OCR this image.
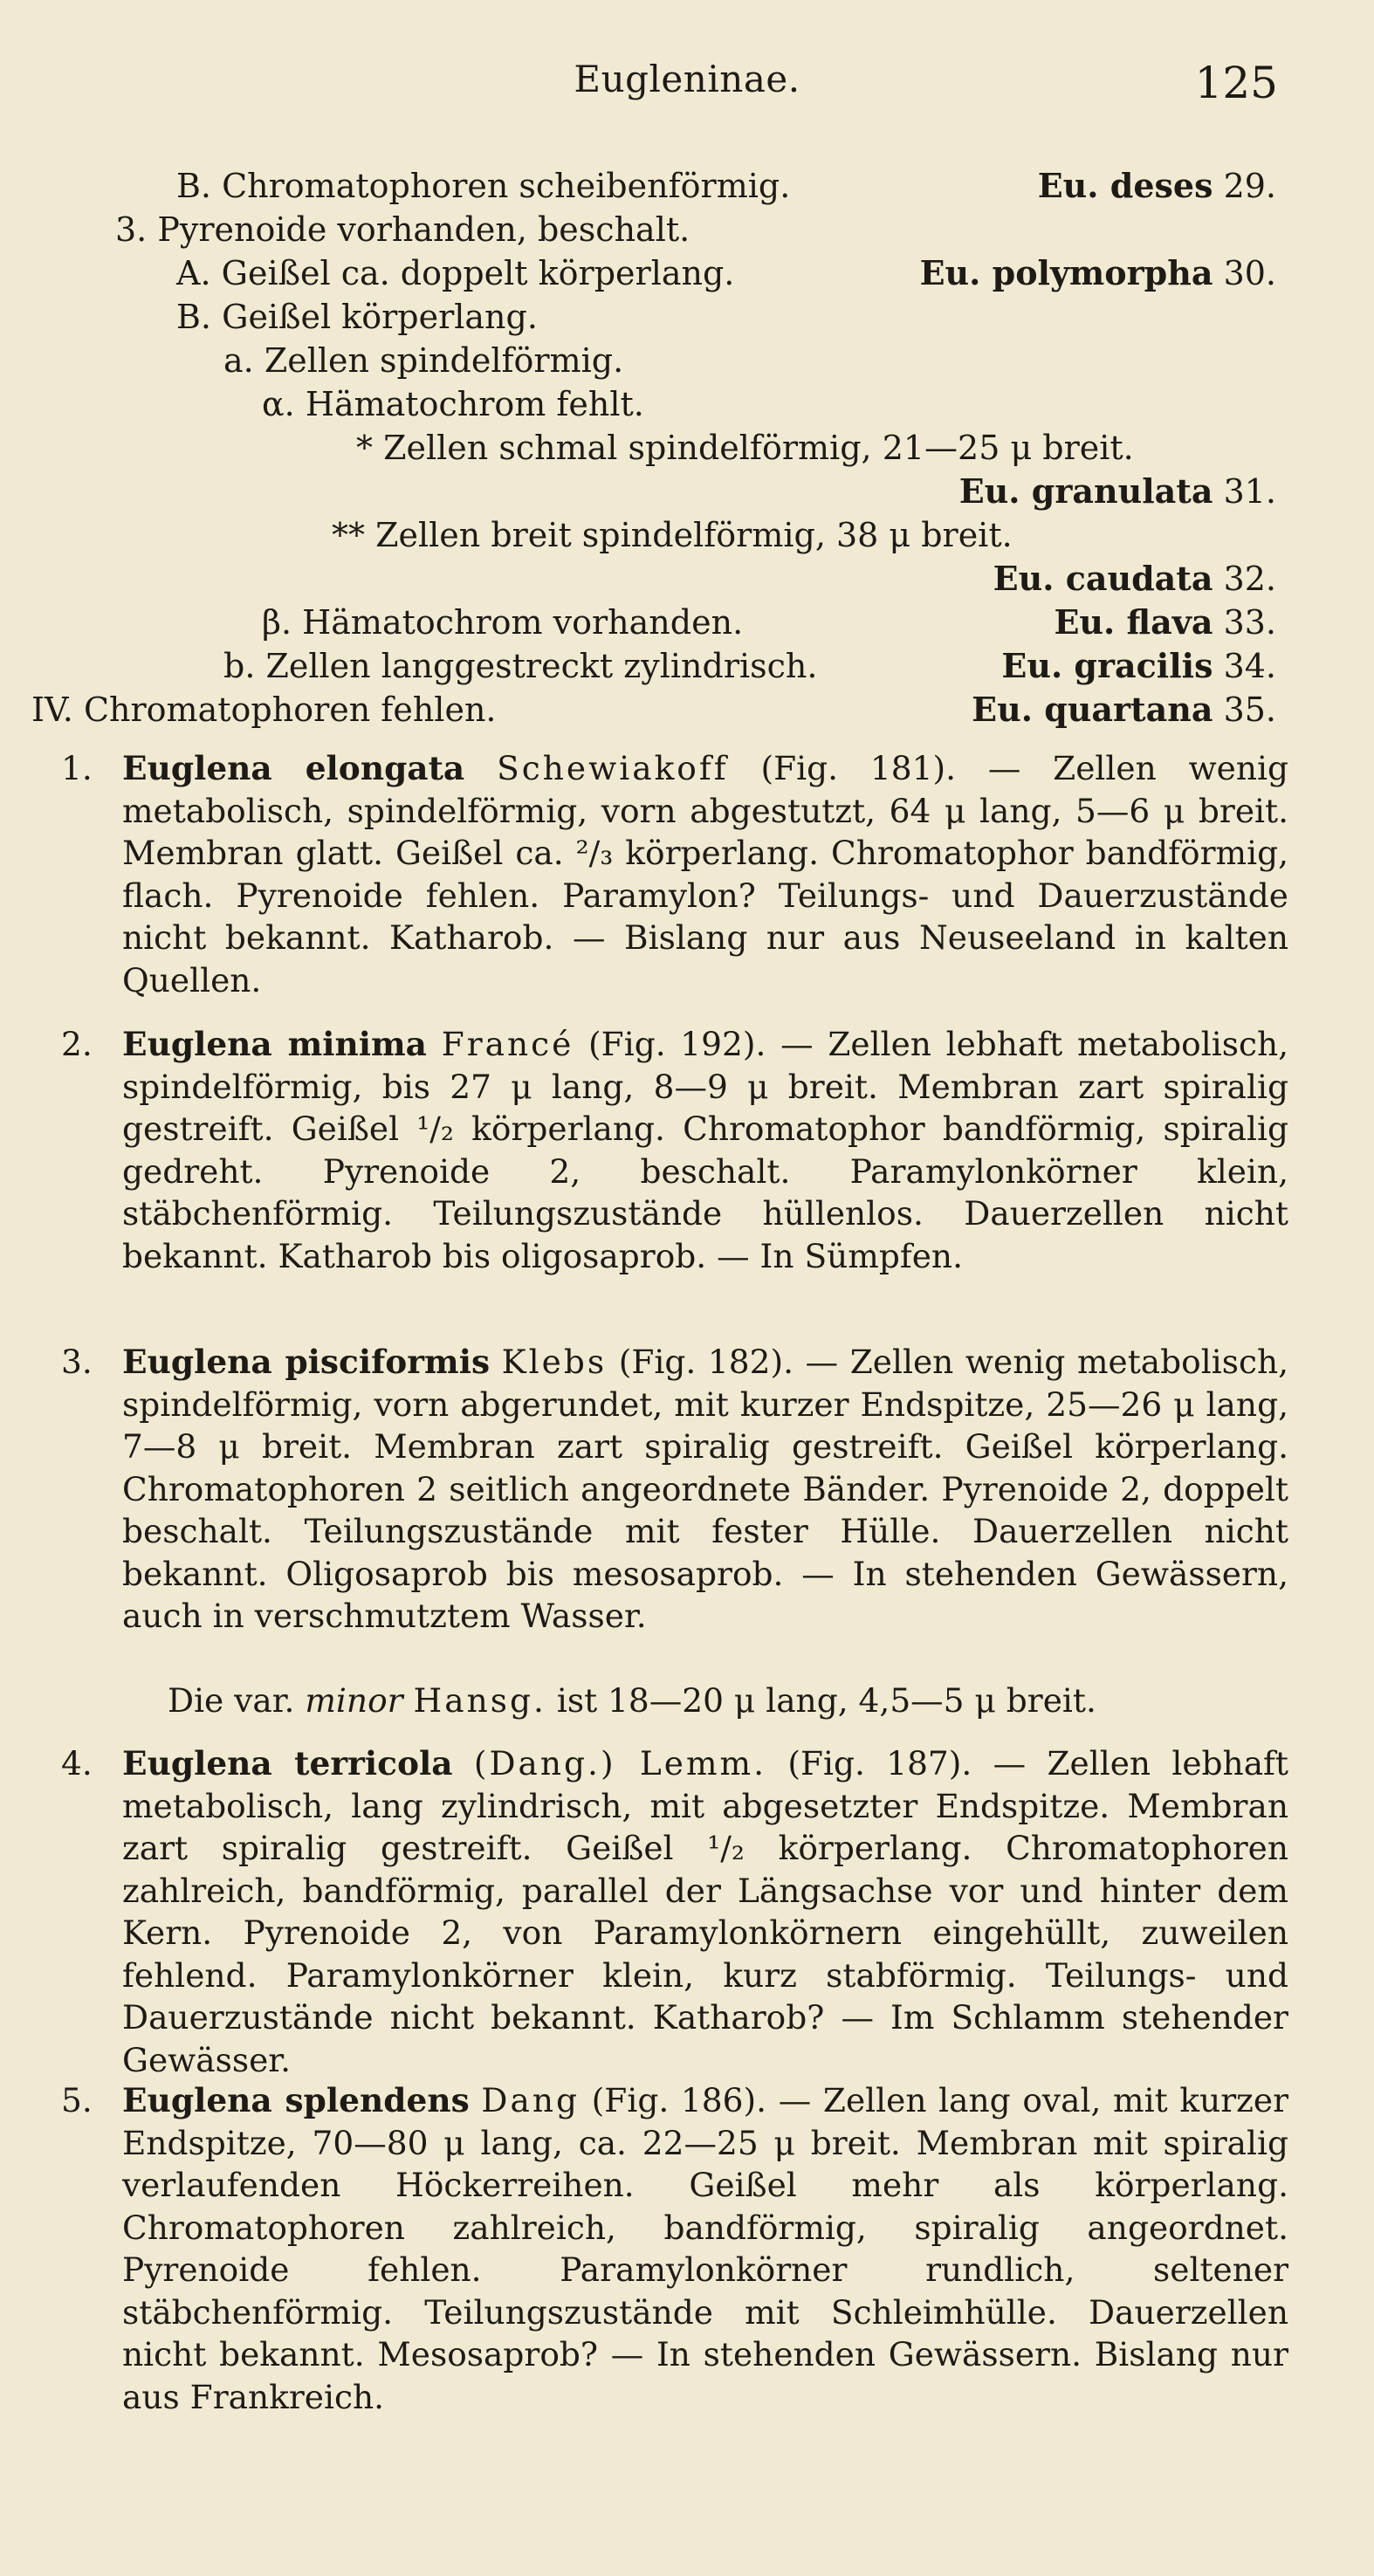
Eugleninae.	125
B. Chromatophoren scheibenförmig.	Eu. deses 29.
3. Pyrenoide vorhanden, beschalt.
A. Geißel ca. doppelt körperlang.	Eu. polymorpha 30.
B. Geißel körperlang.
a. Zellen spindelförmig.
α. Hämatochrom fehlt.
* Zellen schmal spindelförmig, 21—25 μ breit.
Eu. granulata 31.
** Zellen breit spindelförmig, 38 μ breit.
Eu. caudata 32.
β. Hämatochrom vorhanden.	Eu. flava 33.
b. Zellen langgestreckt zylindrisch.	Eu. gracilis 34.
IV. Chromatophoren fehlen.	Eu. quartana 35.
1. Euglena elongata Schewiakoff (Fig. 181). — Zellen wenig metabolisch, spindelförmig, vorn abgestutzt, 64 μ lang, 5—6 μ breit. Membran glatt. Geißel ca. ²/₃ körperlang. Chromatophor bandförmig, flach. Pyrenoide fehlen. Paramylon? Teilungs- und Dauerzustände nicht bekannt. Katharob. — Bislang nur aus Neuseeland in kalten Quellen.
2. Euglena minima Francé (Fig. 192). — Zellen lebhaft metabolisch, spindelförmig, bis 27 μ lang, 8—9 μ breit. Membran zart spiralig gestreift. Geißel ¹/₂ körperlang. Chromatophor bandförmig, spiralig gedreht. Pyrenoide 2, beschalt. Paramylonkörner klein, stäbchenförmig. Teilungszustände hüllenlos. Dauerzellen nicht bekannt. Katharob bis oligosaprob. — In Sümpfen.
3. Euglena pisciformis Klebs (Fig. 182). — Zellen wenig metabolisch, spindelförmig, vorn abgerundet, mit kurzer Endspitze, 25—26 μ lang, 7—8 μ breit. Membran zart spiralig gestreift. Geißel körperlang. Chromatophoren 2 seitlich angeordnete Bänder. Pyrenoide 2, doppelt beschalt. Teilungszustände mit fester Hülle. Dauerzellen nicht bekannt. Oligosaprob bis mesosaprob. — In stehenden Gewässern, auch in verschmutztem Wasser.
Die var. minor Hansg. ist 18—20 μ lang, 4,5—5 μ breit.
4. Euglena terricola (Dang.) Lemm. (Fig. 187). — Zellen lebhaft metabolisch, lang zylindrisch, mit abgesetzter Endspitze. Membran zart spiralig gestreift. Geißel ¹/₂ körperlang. Chromatophoren zahlreich, bandförmig, parallel der Längsachse vor und hinter dem Kern. Pyrenoide 2, von Paramylonkörnern eingehüllt, zuweilen fehlend. Paramylonkörner klein, kurz stabförmig. Teilungs- und Dauerzustände nicht bekannt. Katharob? — Im Schlamm stehender Gewässer.
5. Euglena splendens Dang (Fig. 186). — Zellen lang oval, mit kurzer Endspitze, 70—80 μ lang, ca. 22—25 μ breit. Membran mit spiralig verlaufenden Höckerreihen. Geißel mehr als körperlang. Chromatophoren zahlreich, bandförmig, spiralig angeordnet. Pyrenoide fehlen. Paramylonkörner rundlich, seltener stäbchenförmig. Teilungszustände mit Schleimhülle. Dauerzellen nicht bekannt. Mesosaprob? — In stehenden Gewässern. Bislang nur aus Frankreich.
